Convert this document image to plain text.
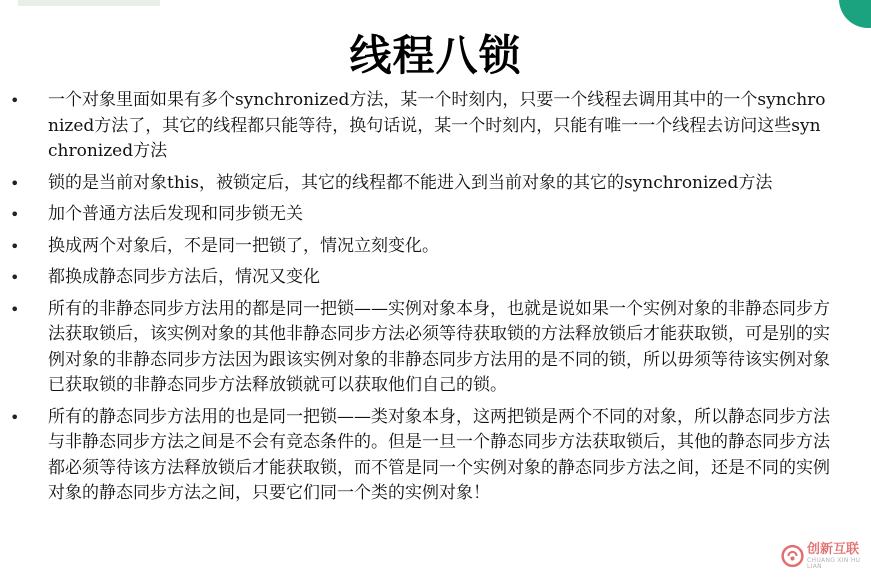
线程八锁
•	一个对象里面如果有多个synchronized方法，某一个时刻内，只要一个线程去调用其中的一个synchronized方法了，其它的线程都只能等待，换句话说，某一个时刻内，只能有唯一一个线程去访问这些synchronized方法
•	锁的是当前对象this，被锁定后，其它的线程都不能进入到当前对象的其它的synchronized方法
•	加个普通方法后发现和同步锁无关
•	换成两个对象后，不是同一把锁了，情况立刻变化。
•	都换成静态同步方法后，情况又变化
•	所有的非静态同步方法用的都是同一把锁——实例对象本身，也就是说如果一个实例对象的非静态同步方法获取锁后，该实例对象的其他非静态同步方法必须等待获取锁的方法释放锁后才能获取锁，可是别的实例对象的非静态同步方法因为跟该实例对象的非静态同步方法用的是不同的锁，所以毋须等待该实例对象已获取锁的非静态同步方法释放锁就可以获取他们自己的锁。
•	所有的静态同步方法用的也是同一把锁——类对象本身，这两把锁是两个不同的对象，所以静态同步方法与非静态同步方法之间是不会有竞态条件的。但是一旦一个静态同步方法获取锁后，其他的静态同步方法都必须等待该方法释放锁后才能获取锁，而不管是同一个实例对象的静态同步方法之间，还是不同的实例对象的静态同步方法之间，只要它们同一个类的实例对象！
创新互联
CHUANG XIN HU LIAN
